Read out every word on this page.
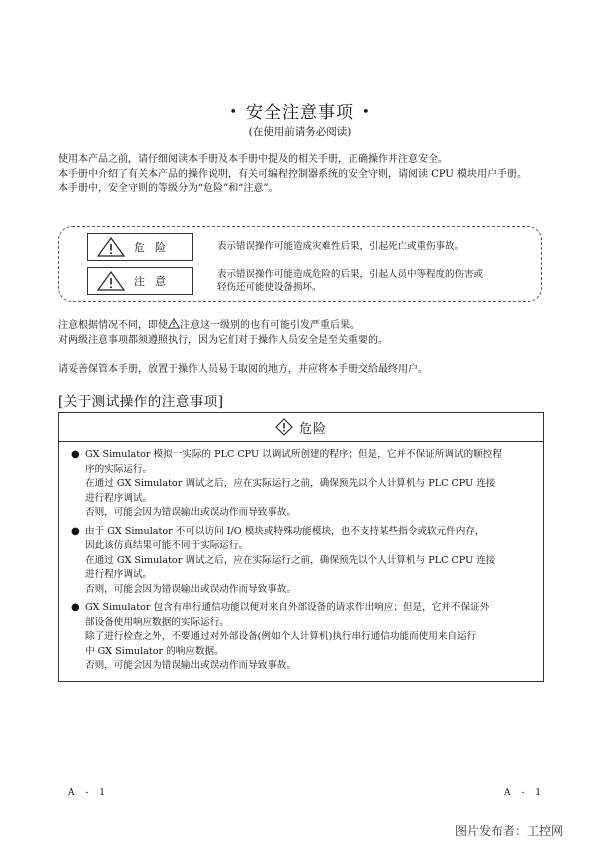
• 安全注意事项 •
(在使用前请务必阅读)

使用本产品之前，请仔细阅读本手册及本手册中提及的相关手册，正确操作并注意安全。

本手册中介绍了有关本产品的操作说明，有关可编程控制器系统的安全守则，请阅读 CPU 模块用户手册。

本手册中，安全守则的等级分为“危险”和“注意”。

危险	表示错误操作可能造成灾难性后果，引起死亡或重伤事故。
注意
表示错误操作可能造成危险的后果，引起人员中等程度的伤害或
轻伤还可能使设备损坏。

注意根据情况不同，即使 注意这一级别的也有可能引发严重后果。

对两级注意事项都须遵照执行，因为它们对于操作人员安全是至关重要的。

请妥善保管本手册，放置于操作人员易于取阅的地方，并应将本手册交给最终用户。

[关于测试操作的注意事项]
危险
● GX Simulator 模拟一实际的 PLC CPU 以调试所创建的程序；但是，它并不保证所调试的顺控程

序的实际运行。

在通过 GX Simulator 调试之后，应在实际运行之前，确保预先以个人计算机与 PLC CPU 连接

进行程序调试。

否则，可能会因为错误输出或误动作而导致事故。

● 由于 GX Simulator 不可以访问 I/O 模块或特殊功能模块，也不支持某些指令或软元件内存，

因此该仿真结果可能不同于实际运行。

在通过 GX Simulator 调试之后，应在实际运行之前，确保预先以个人计算机与 PLC CPU 连接

进行程序调试。

否则，可能会因为错误输出或误动作而导致事故。

● GX Simulator 包含有串行通信功能以便对来自外部设备的请求作出响应；但是，它并不保证外

部设备使用响应数据的实际运行。

除了进行检查之外，不要通过对外部设备(例如个人计算机)执行串行通信功能而使用来自运行

中 GX Simulator 的响应数据。

否则，可能会因为错误输出或误动作而导致事故。

A - 1	A - 1
图片发布者：工控网
